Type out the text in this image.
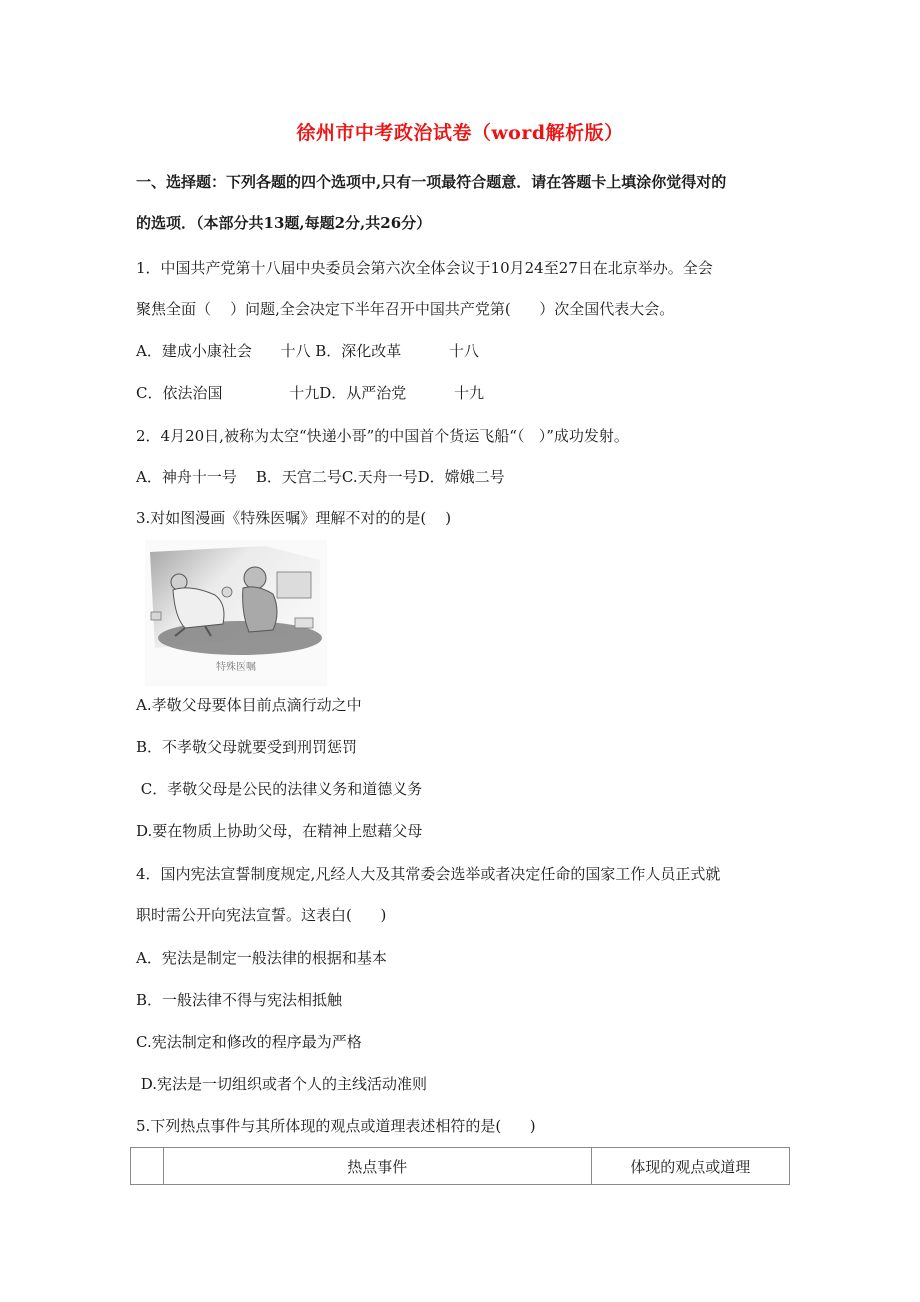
徐州市中考政治试卷（word解析版）
一、选择题：下列各题的四个选项中,只有一项最符合题意．请在答题卡上填涂你觉得对的
的选项．（本部分共13题,每题2分,共26分）
1．中国共产党第十八届中央委员会第六次全体会议于10月24至27日在北京举办。全会
聚焦全面（    ）问题,全会决定下半年召开中国共产党第(      ）次全国代表大会。
A．建成小康社会      十八 B．深化改革          十八
C．依法治国              十九D．从严治党          十九
2．4月20日,被称为太空“快递小哥”的中国首个货运飞船“（   ）”成功发射。
A．神舟十一号    B．天宫二号C.天舟一号D．嫦娥二号
3.对如图漫画《特殊医嘱》理解不对的的是(    )
特殊医嘱
A.孝敬父母要体目前点滴行动之中
B．不孝敬父母就要受到刑罚惩罚
C．孝敬父母是公民的法律义务和道德义务
D.要在物质上协助父母，在精神上慰藉父母
4．国内宪法宣誓制度规定,凡经人大及其常委会选举或者决定任命的国家工作人员正式就
职时需公开向宪法宣誓。这表白(      )
A．宪法是制定一般法律的根据和基本
B．一般法律不得与宪法相抵触
C.宪法制定和修改的程序最为严格
D.宪法是一切组织或者个人的主线活动准则
5.下列热点事件与其所体现的观点或道理表述相符的是(      )
	热点事件	体现的观点或道理
